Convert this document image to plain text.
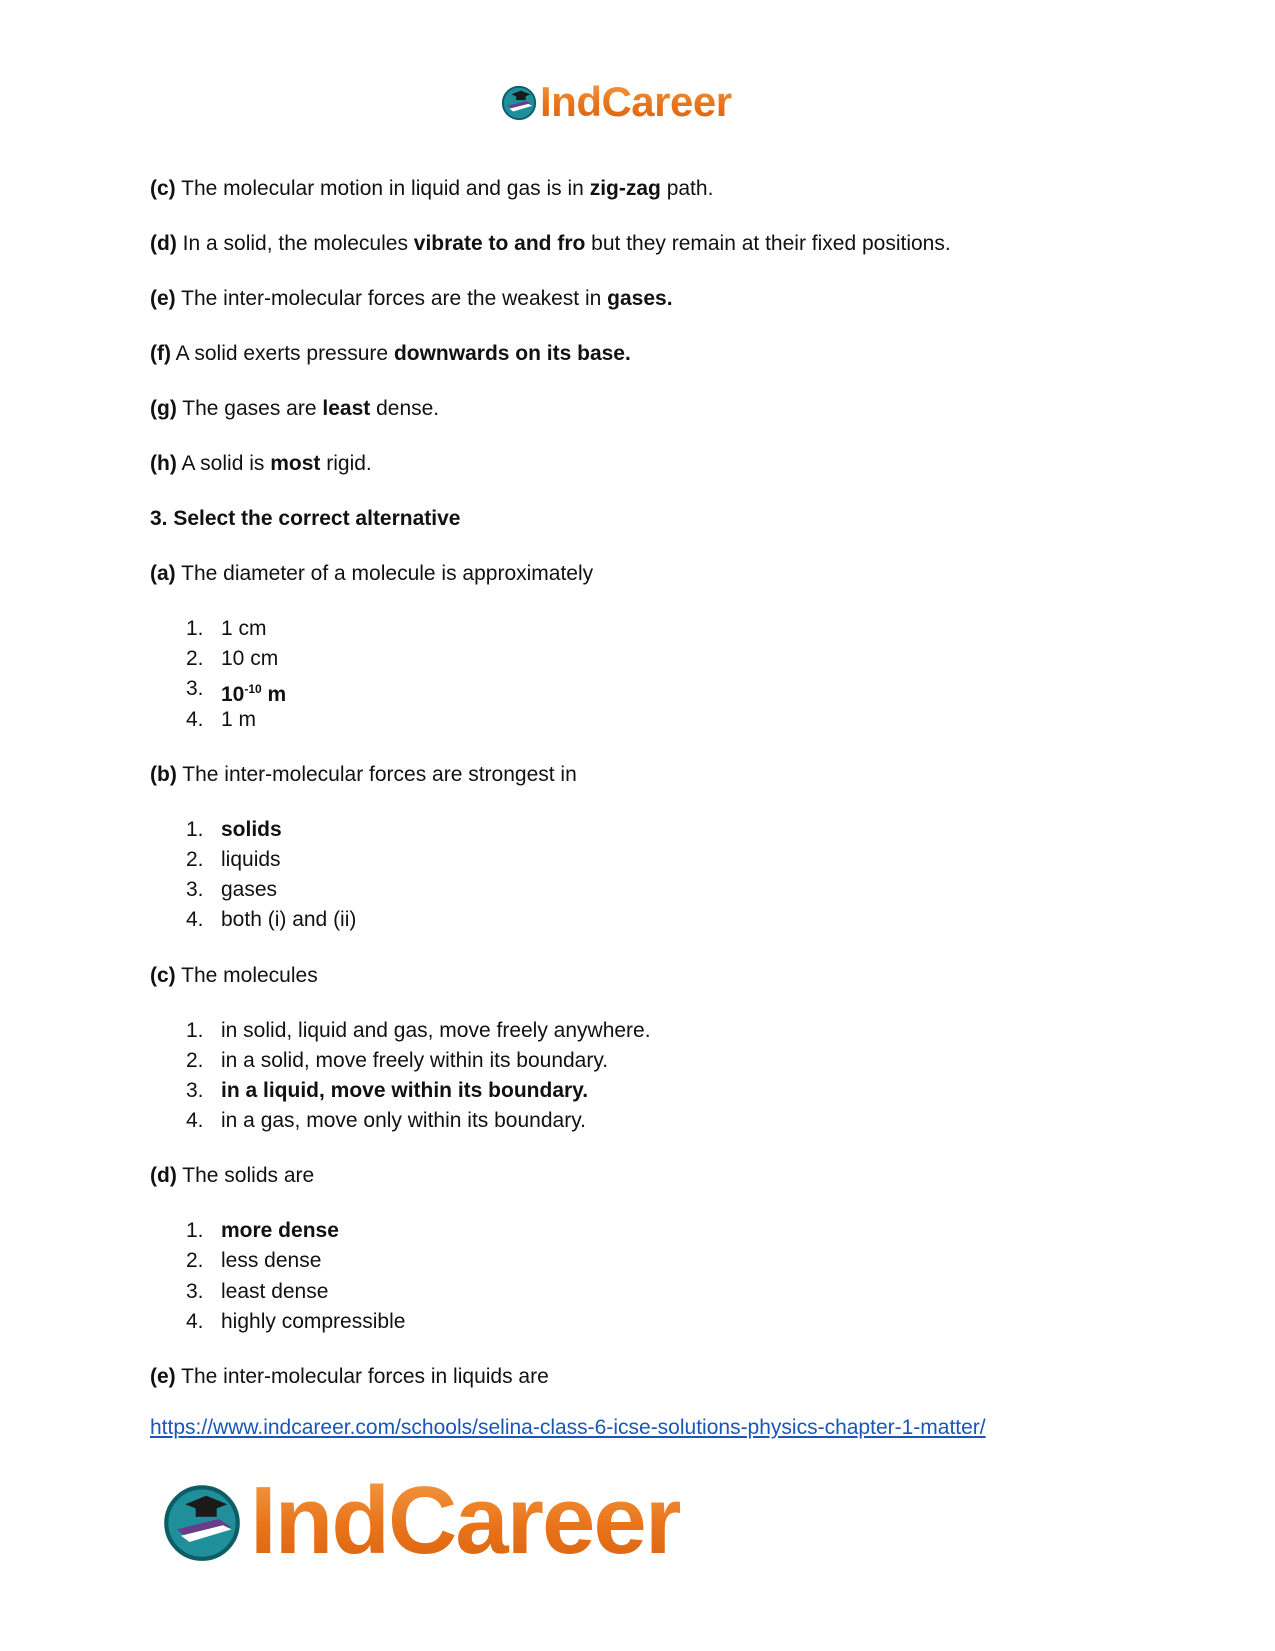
IndCareer

(c) The molecular motion in liquid and gas is in zig-zag path.

(d) In a solid, the molecules vibrate to and fro but they remain at their fixed positions.

(e) The inter-molecular forces are the weakest in gases.

(f) A solid exerts pressure downwards on its base.

(g) The gases are least dense.

(h) A solid is most rigid.

3. Select the correct alternative

(a) The diameter of a molecule is approximately

1. 1 cm
2. 10 cm
3. $10^{-10}$ m
4. 1 m

(b) The inter-molecular forces are strongest in

1. solids
2. liquids
3. gases
4. both (i) and (ii)

(c) The molecules

1. in solid, liquid and gas, move freely anywhere.
2. in a solid, move freely within its boundary.
3. in a liquid, move within its boundary.
4. in a gas, move only within its boundary.

(d) The solids are

1. more dense
2. less dense
3. least dense
4. highly compressible

(e) The inter-molecular forces in liquids are

https://www.indcareer.com/schools/selina-class-6-icse-solutions-physics-chapter-1-matter/
IndCareer
